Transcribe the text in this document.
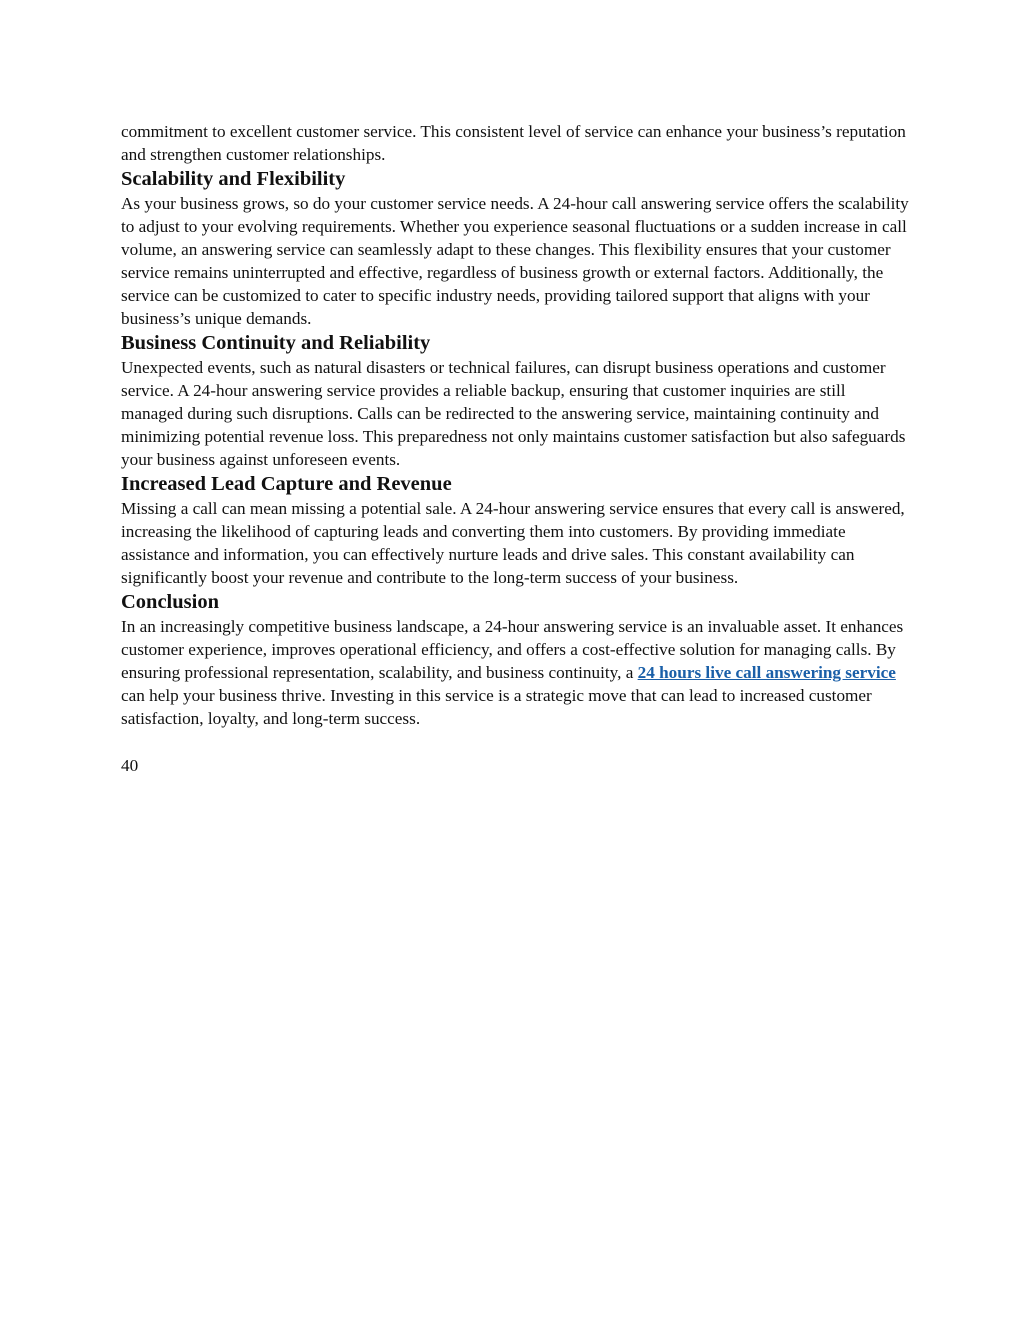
commitment to excellent customer service. This consistent level of service can enhance your business’s reputation and strengthen customer relationships.

Scalability and Flexibility

As your business grows, so do your customer service needs. A 24-hour call answering service offers the scalability to adjust to your evolving requirements. Whether you experience seasonal fluctuations or a sudden increase in call volume, an answering service can seamlessly adapt to these changes. This flexibility ensures that your customer service remains uninterrupted and effective, regardless of business growth or external factors. Additionally, the service can be customized to cater to specific industry needs, providing tailored support that aligns with your business’s unique demands.

Business Continuity and Reliability

Unexpected events, such as natural disasters or technical failures, can disrupt business operations and customer service. A 24-hour answering service provides a reliable backup, ensuring that customer inquiries are still managed during such disruptions. Calls can be redirected to the answering service, maintaining continuity and minimizing potential revenue loss. This preparedness not only maintains customer satisfaction but also safeguards your business against unforeseen events.

Increased Lead Capture and Revenue

Missing a call can mean missing a potential sale. A 24-hour answering service ensures that every call is answered, increasing the likelihood of capturing leads and converting them into customers. By providing immediate assistance and information, you can effectively nurture leads and drive sales. This constant availability can significantly boost your revenue and contribute to the long-term success of your business.

Conclusion

In an increasingly competitive business landscape, a 24-hour answering service is an invaluable asset. It enhances customer experience, improves operational efficiency, and offers a cost-effective solution for managing calls. By ensuring professional representation, scalability, and business continuity, a 24 hours live call answering service can help your business thrive. Investing in this service is a strategic move that can lead to increased customer satisfaction, loyalty, and long-term success.

40
